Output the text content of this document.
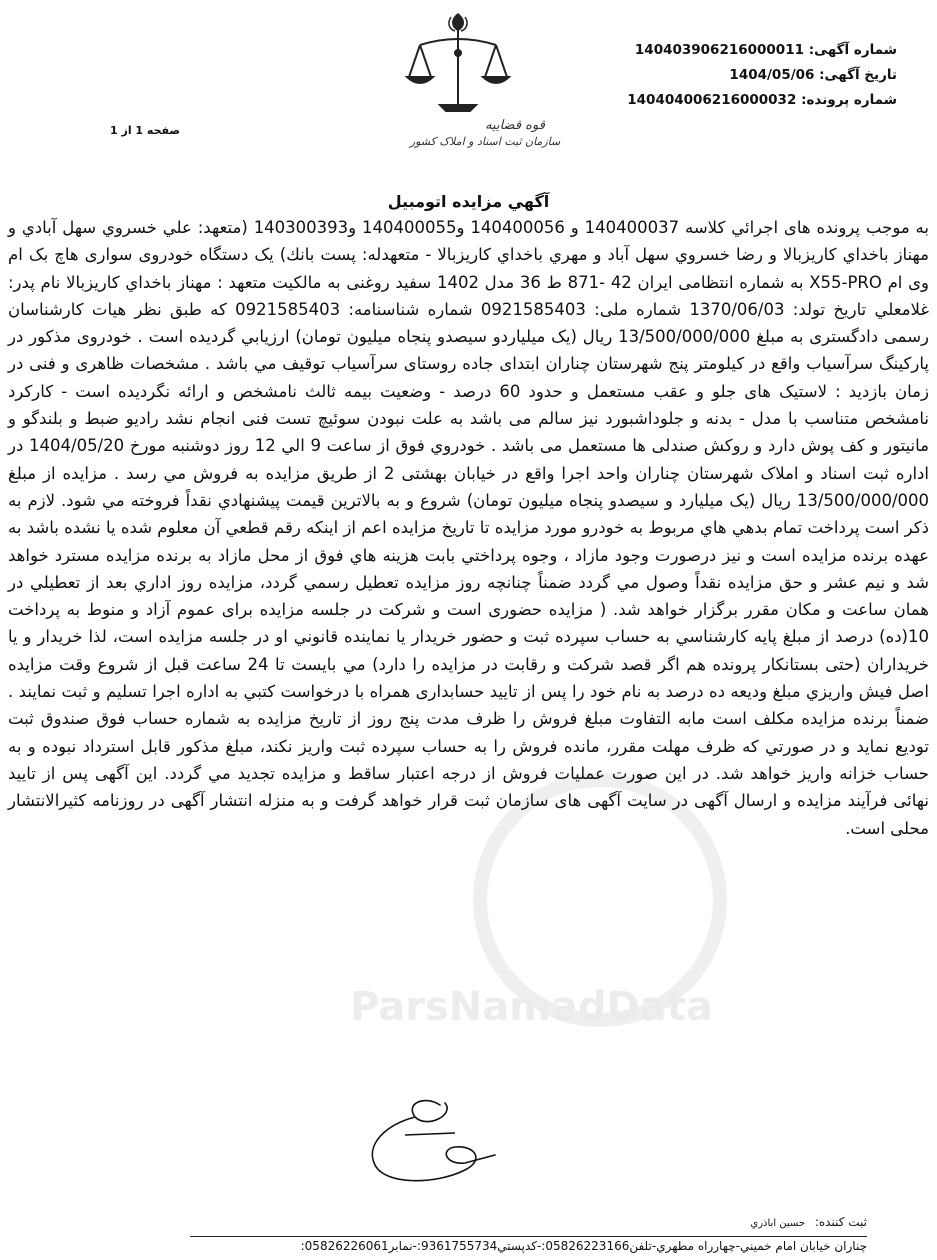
شماره آگهی: 14040390621600001​1
تاریخ آگهی: 1404/05/06
شماره پرونده: 140404006216000032
صفحه 1 از 1	قوه قضاییه
سازمان ثبت اسناد و املاک کشور
آگهي مزايده اتومبيل
ParsNamadData
به موجب پرونده های اجرائي كلاسه 140400037 و 140400056 و140400055 و140300393 (متعهد: علي خسروي سهل آبادي و مهناز باخداي كاريزبالا و رضا خسروي سهل آباد و مهري باخداي كاريزبالا - متعهدله: پست بانك) یک دستگاه خودروی سواری هاچ بک ام وی ام X55-PRO به شماره انتظامی ایران 42 -871 ط 36 مدل 1402 سفيد روغنی به مالكيت متعهد : مهناز باخداي كاريزبالا نام پدر: غلامعلي تاريخ تولد: 1370/06/03 شماره ملی: 0921585403 شماره شناسنامه: 0921585403 كه طبق نظر هيات كارشناسان رسمی دادگستری به مبلغ 13/500/000/000 ريال (يک ميلياردو سيصدو پنجاه ميليون تومان) ارزيابي گرديده است . خودروی مذكور در پاركينگ سرآسياب واقع در كيلومتر پنج شهرستان چناران ابتدای جاده روستای سرآسياب توقيف مي باشد . مشخصات ظاهری و فنی در زمان بازديد : لاستيک های جلو و عقب مستعمل و حدود 60 درصد - وضعيت بيمه ثالث نامشخص و ارائه نگرديده است - كاركرد نامشخص متناسب با مدل - بدنه و جلوداشبورد نيز سالم می باشد به علت نبودن سوئيچ تست فنی انجام نشد راديو ضبط و بلندگو و مانيتور و كف پوش دارد و روكش صندلی ها مستعمل می باشد . خودروي فوق از ساعت 9 الي 12 روز دوشنبه مورخ 1404/05/20 در اداره ثبت اسناد و املاک شهرستان چناران واحد اجرا واقع در خيابان بهشتی 2 از طريق مزايده به فروش مي رسد . مزايده از مبلغ 13/500/000/000 ريال (يک ميليارد و سيصدو پنجاه ميليون تومان) شروع و به بالاترين قيمت پيشنهادي نقداً فروخته مي شود. لازم به ذكر است پرداخت تمام بدهي هاي مربوط به خودرو مورد مزايده تا تاريخ مزايده اعم از اينكه رقم قطعي آن معلوم شده يا نشده باشد به عهده برنده مزايده است و نيز درصورت وجود مازاد ، وجوه پرداختي بابت هزينه هاي فوق از محل مازاد به برنده مزايده مسترد خواهد شد و نيم عشر و حق مزايده نقداً وصول مي گردد ضمناً چنانچه روز مزايده تعطيل رسمي گردد، مزايده روز اداري بعد از تعطيلي در همان ساعت و مكان مقرر برگزار خواهد شد. ( مزايده حضوری است و شركت در جلسه مزايده برای عموم آزاد و منوط به پرداخت 10(ده) درصد از مبلغ پايه كارشناسي به حساب سپرده ثبت و حضور خريدار يا نماينده قانوني او در جلسه مزايده است، لذا خريدار و يا خريداران (حتی بستانكار پرونده هم اگر قصد شركت و رقابت در مزايده را دارد) مي بايست تا 24 ساعت قبل از شروع وقت مزايده اصل فيش واريزي مبلغ وديعه ده درصد به نام خود را پس از تاييد حسابداری همراه با درخواست كتبي به اداره اجرا تسليم و ثبت نمايند . ضمناً برنده مزايده مكلف است مابه التفاوت مبلغ فروش را ظرف مدت پنج روز از تاريخ مزايده به شماره حساب فوق صندوق ثبت توديع نمايد و در صورتي كه ظرف مهلت مقرر، مانده فروش را به حساب سپرده ثبت واريز نكند، مبلغ مذكور قابل استرداد نبوده و به حساب خزانه واريز خواهد شد. در اين صورت عمليات فروش از درجه اعتبار ساقط و مزايده تجديد مي گردد. اين آگهی پس از تاييد نهائی فرآيند مزايده و ارسال آگهی در سايت آگهی های سازمان ثبت قرار خواهد گرفت و به منزله انتشار آگهی در روزنامه كثيرالانتشار محلی است.
ثبت كننده: حسين اباذري
چناران خيابان امام خميني-چهارراه مطهري-تلفن05826223166:-كدپستي9361755734:-نمابر05826226061:
